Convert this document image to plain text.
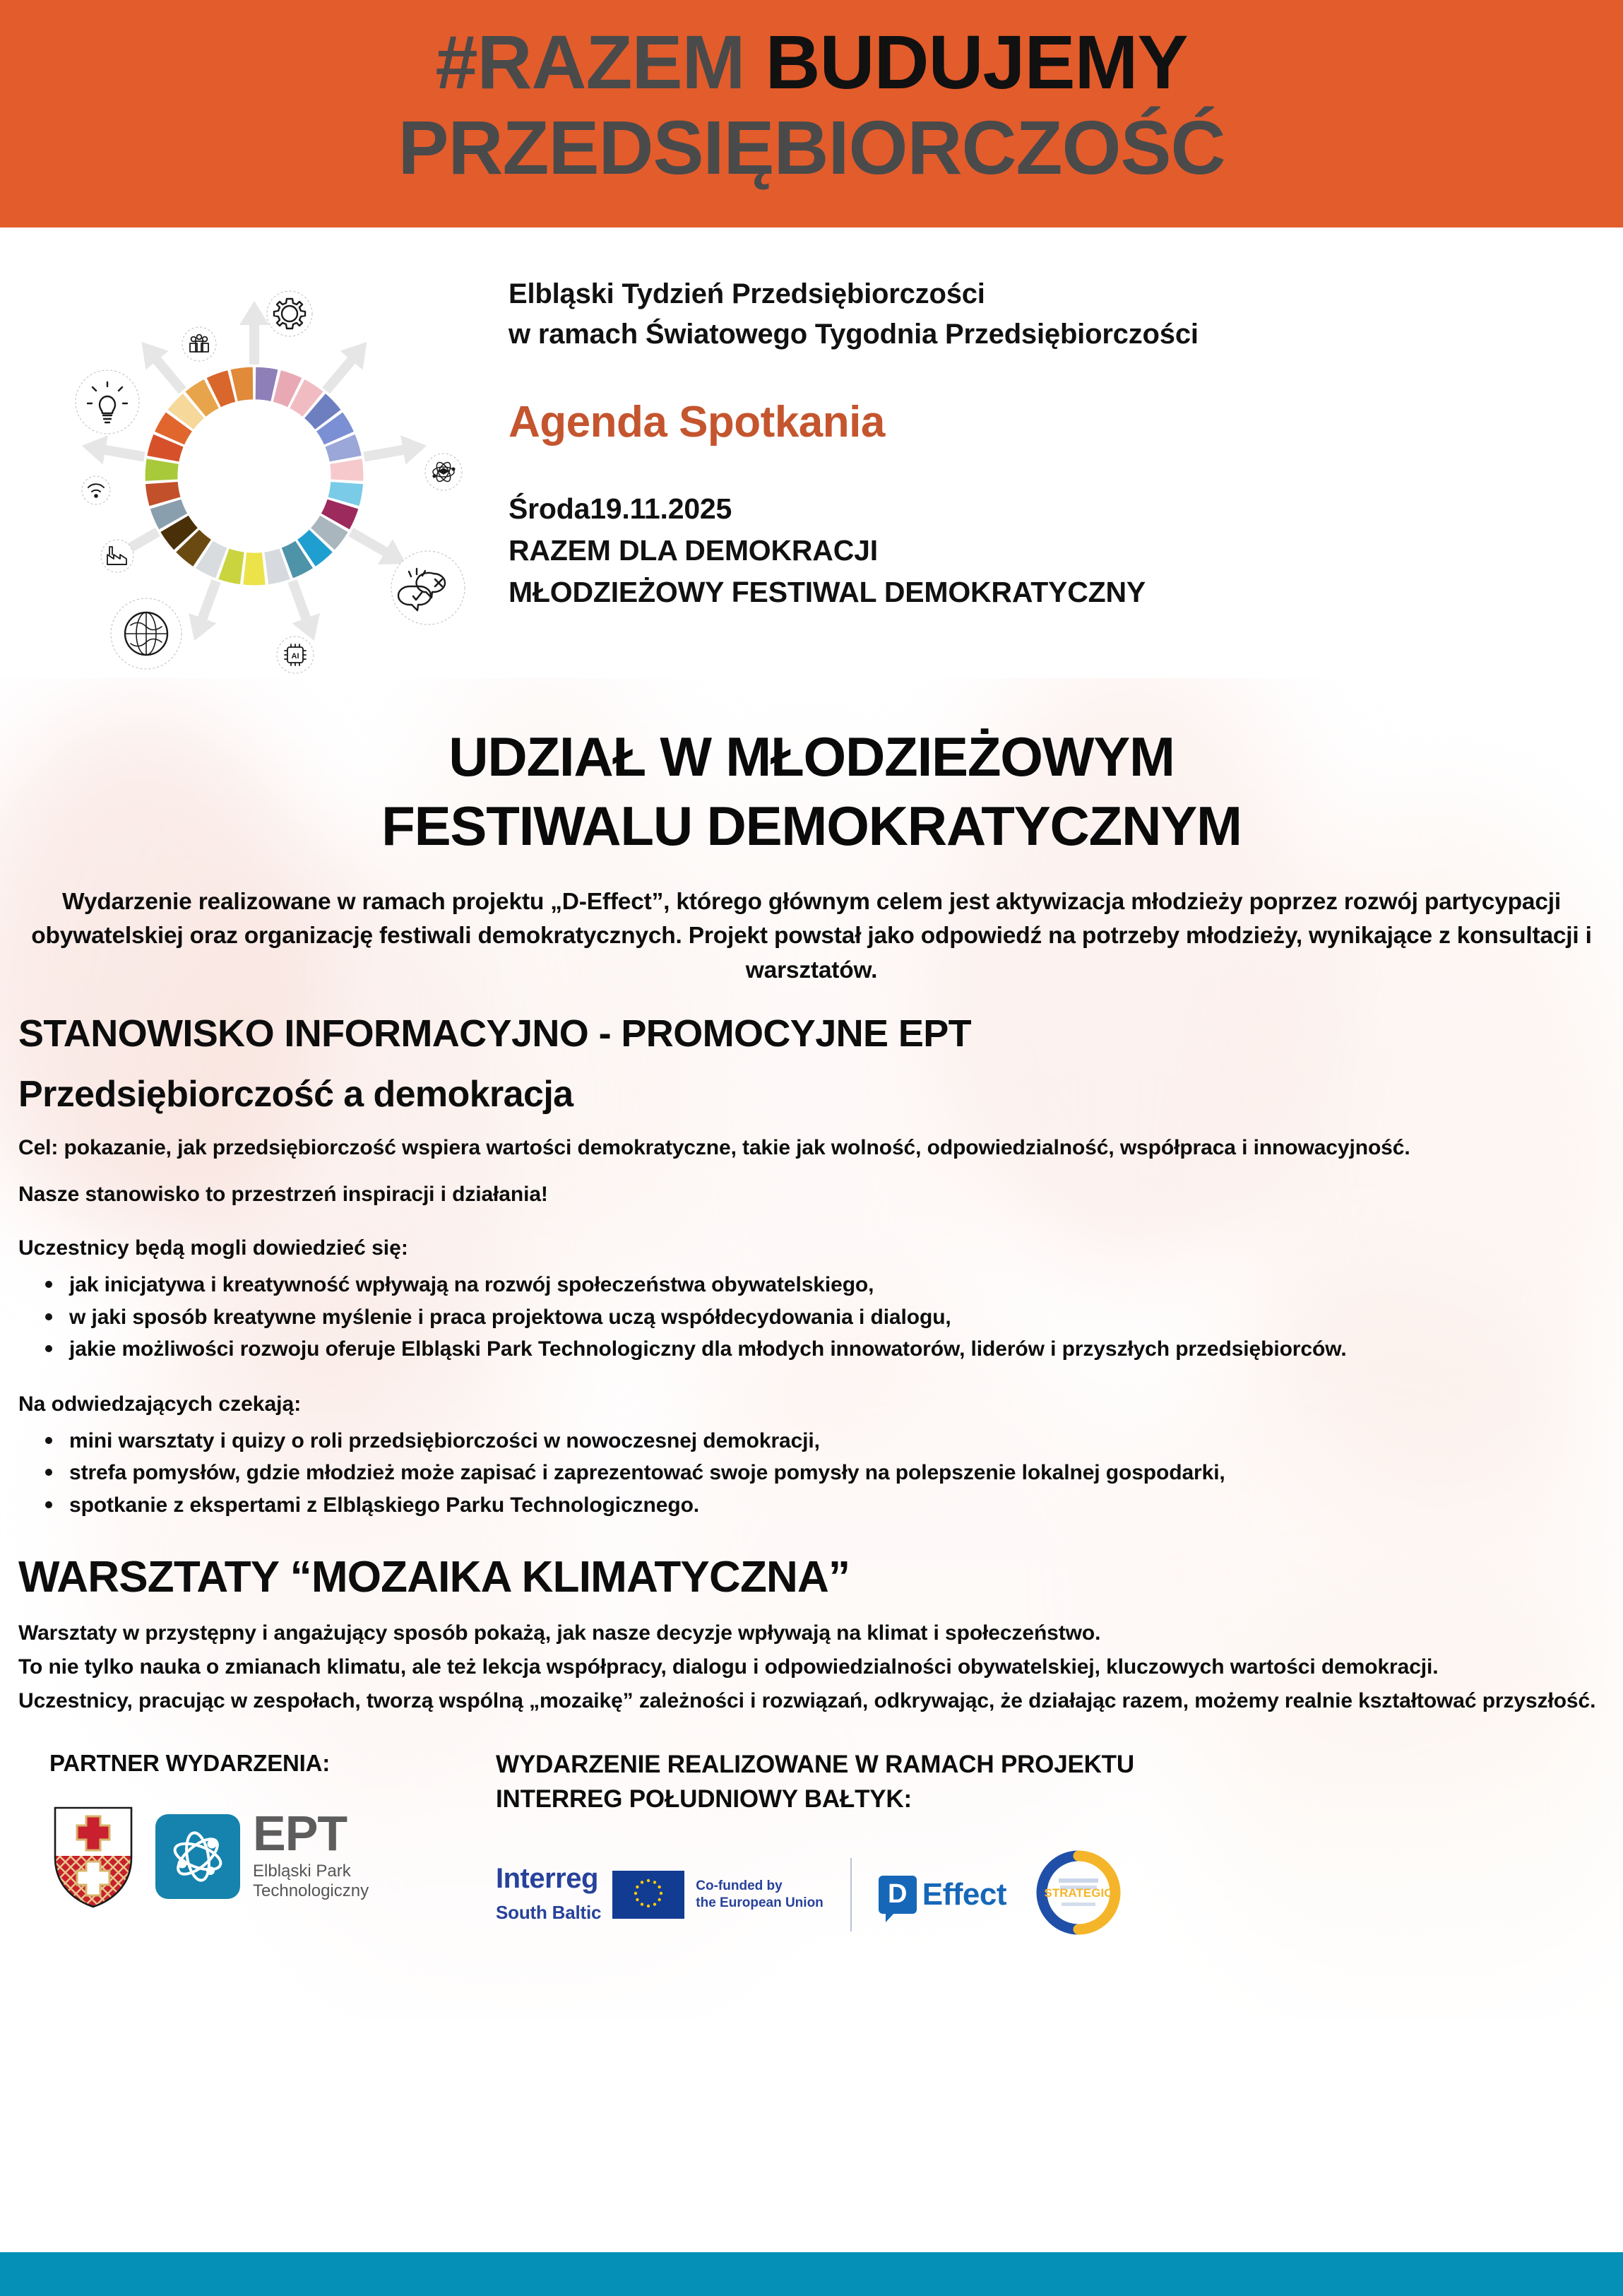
#RAZEM BUDUJEMY
PRZEDSIĘBIORCZOŚĆ
AI
Elbląski Tydzień Przedsiębiorczości
w ramach Światowego Tygodnia Przedsiębiorczości
Agenda Spotkania
Środa19.11.2025
RAZEM DLA DEMOKRACJI
MŁODZIEŻOWY FESTIWAL DEMOKRATYCZNY
UDZIAŁ W MŁODZIEŻOWYM
FESTIWALU DEMOKRATYCZNYM
Wydarzenie realizowane w ramach projektu „D-Effect”, którego głównym celem jest aktywizacja młodzieży poprzez rozwój partycypacji obywatelskiej oraz organizację festiwali demokratycznych. Projekt powstał jako odpowiedź na potrzeby młodzieży, wynikające z konsultacji i warsztatów.
STANOWISKO INFORMACYJNO - PROMOCYJNE EPT
Przedsiębiorczość a demokracja
Cel: pokazanie, jak przedsiębiorczość wspiera wartości demokratyczne, takie jak wolność, odpowiedzialność, współpraca i innowacyjność.
Nasze stanowisko to przestrzeń inspiracji i działania!
Uczestnicy będą mogli dowiedzieć się:
jak inicjatywa i kreatywność wpływają na rozwój społeczeństwa obywatelskiego,
w jaki sposób kreatywne myślenie i praca projektowa uczą współdecydowania i dialogu,
jakie możliwości rozwoju oferuje Elbląski Park Technologiczny dla młodych innowatorów, liderów i przyszłych przedsiębiorców.
Na odwiedzających czekają:
mini warsztaty i quizy o roli przedsiębiorczości w nowoczesnej demokracji,
strefa pomysłów, gdzie młodzież może zapisać i zaprezentować swoje pomysły na polepszenie lokalnej gospodarki,
spotkanie z ekspertami z Elbląskiego Parku Technologicznego.
WARSZTATY “MOZAIKA KLIMATYCZNA”
Warsztaty w przystępny i angażujący sposób pokażą, jak nasze decyzje wpływają na klimat i społeczeństwo.
To nie tylko nauka o zmianach klimatu, ale też lekcja współpracy, dialogu i odpowiedzialności obywatelskiej, kluczowych wartości demokracji.
Uczestnicy, pracując w zespołach, tworzą wspólną „mozaikę” zależności i rozwiązań, odkrywając, że działając razem, możemy realnie kształtować przyszłość.
PARTNER WYDARZENIA:
EPT
Elbląski Park
Technologiczny
WYDARZENIE REALIZOWANE W RAMACH PROJEKTU
INTERREG POŁUDNIOWY BAŁTYK:
Interreg
South Baltic
Co-funded by
the European Union	D Effect	STRATEGIC
